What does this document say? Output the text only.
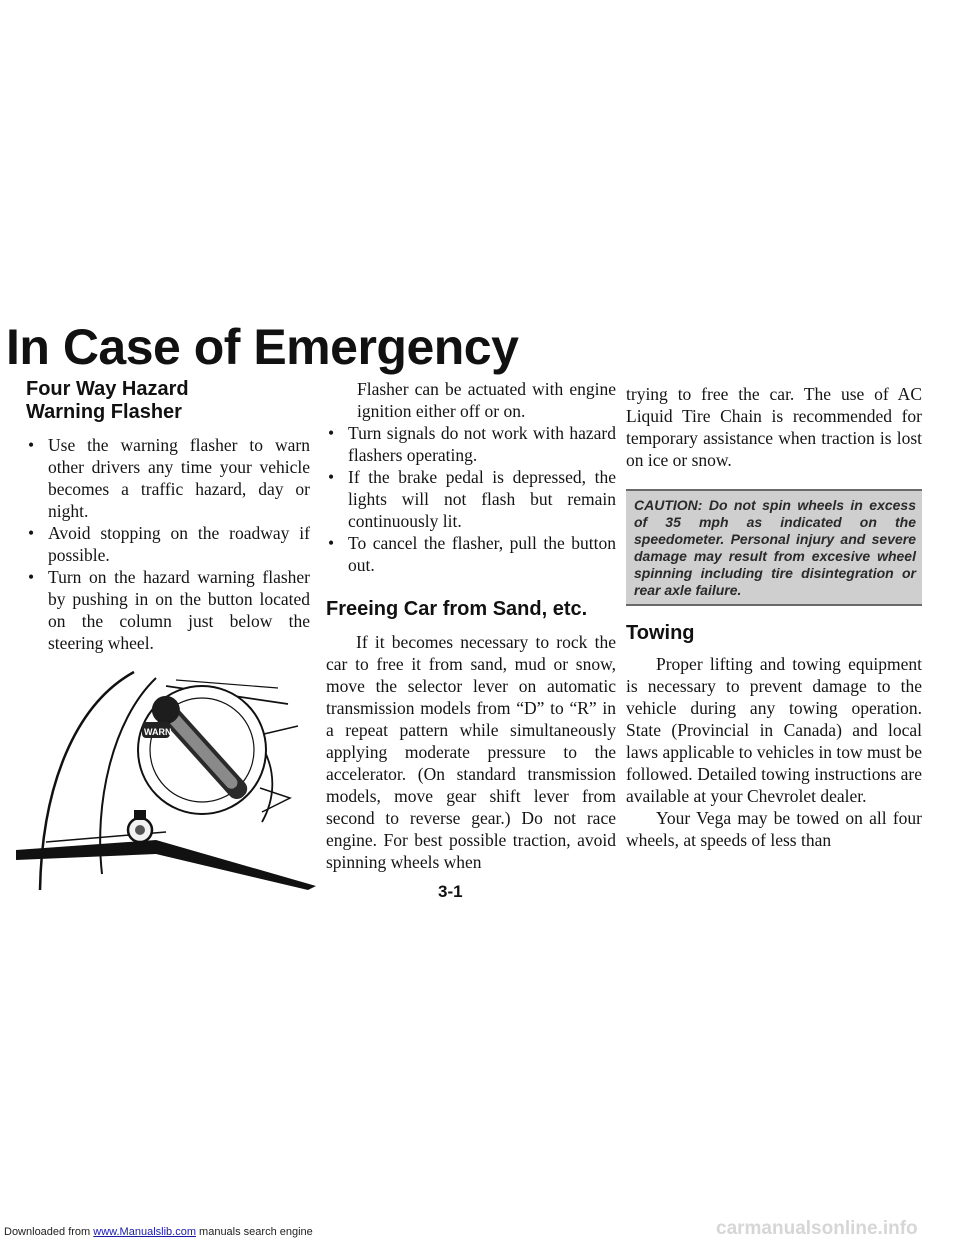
In Case of Emergency
Four Way Hazard
Warning Flasher
• Use the warning flasher to warn other drivers any time your vehicle becomes a traffic hazard, day or night.
• Avoid stopping on the roadway if possible.
• Turn on the hazard warning flasher by pushing in on the button located on the column just below the steering wheel.
WARN

Flasher can be actuated with engine ignition either off or on.

• Turn signals do not work with hazard flashers operating.
• If the brake pedal is depressed, the lights will not flash but remain continuously lit.
• To cancel the flasher, pull the button out.
Freeing Car from Sand, etc.

If it becomes necessary to rock the car to free it from sand, mud or snow, move the selector lever on automatic transmission models from “D” to “R” in a repeat pattern while simultaneously applying moderate pressure to the accelerator. (On standard transmission models, move gear shift lever from second to reverse gear.) Do not race engine. For best possible traction, avoid spinning wheels when

trying to free the car. The use of AC Liquid Tire Chain is recommended for temporary assistance when traction is lost on ice or snow.

CAUTION: Do not spin wheels in excess of 35 mph as indicated on the speedometer. Personal injury and severe damage may result from excesive wheel spinning including tire disintegration or rear axle failure.
Towing

Proper lifting and towing equipment is necessary to prevent damage to the vehicle during any towing operation. State (Provincial in Canada) and local laws applicable to vehicles in tow must be followed. Detailed towing instructions are available at your Chevrolet dealer.

Your Vega may be towed on all four wheels, at speeds of less than

3-1
Downloaded from www.Manualslib.com manuals search engine	carmanualsonline.info
